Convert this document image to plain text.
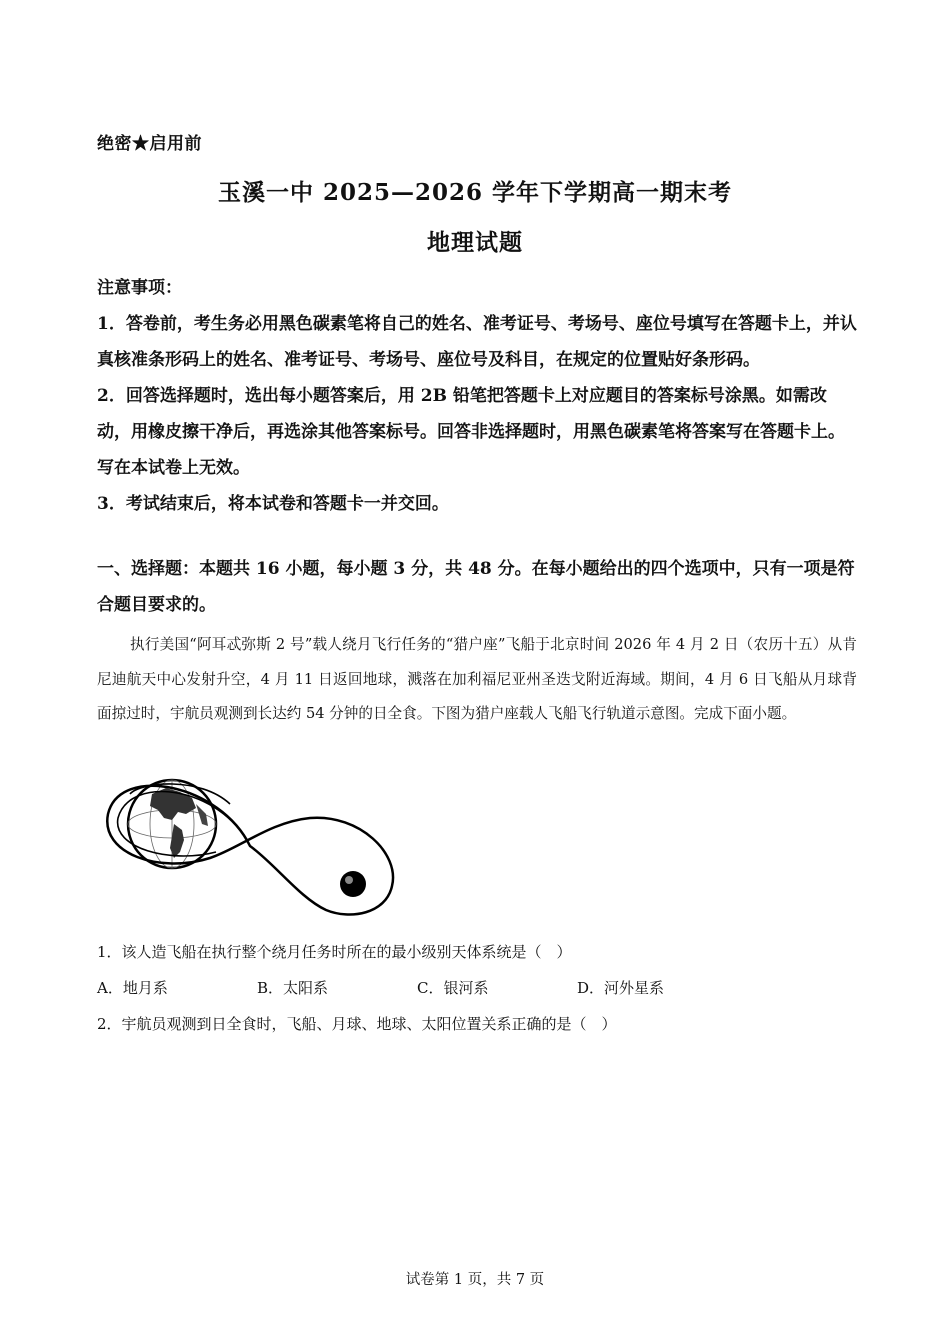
绝密★启用前
玉溪一中 2025—2026 学年下学期高一期末考
地理试题

注意事项：

1．答卷前，考生务必用黑色碳素笔将自己的姓名、准考证号、考场号、座位号填写在答题卡上，并认真核准条形码上的姓名、准考证号、考场号、座位号及科目，在规定的位置贴好条形码。

2．回答选择题时，选出每小题答案后，用 2B 铅笔把答题卡上对应题目的答案标号涂黑。如需改动，用橡皮擦干净后，再选涂其他答案标号。回答非选择题时，用黑色碳素笔将答案写在答题卡上。写在本试卷上无效。

3．考试结束后，将本试卷和答题卡一并交回。

一、选择题：本题共 16 小题，每小题 3 分，共 48 分。在每小题给出的四个选项中，只有一项是符合题目要求的。
执行美国“阿耳忒弥斯 2 号”载人绕月飞行任务的“猎户座”飞船于北京时间 2026 年 4 月 2 日（农历十五）从肯尼迪航天中心发射升空，4 月 11 日返回地球，溅落在加利福尼亚州圣迭戈附近海域。期间，4 月 6 日飞船从月球背面掠过时，宇航员观测到长达约 54 分钟的日全食。下图为猎户座载人飞船飞行轨道示意图。完成下面小题。
1．该人造飞船在执行整个绕月任务时所在的最小级别天体系统是（　）
A．地月系	B．太阳系	C．银河系	D．河外星系
2．宇航员观测到日全食时，飞船、月球、地球、太阳位置关系正确的是（　）
试卷第 1 页，共 7 页
